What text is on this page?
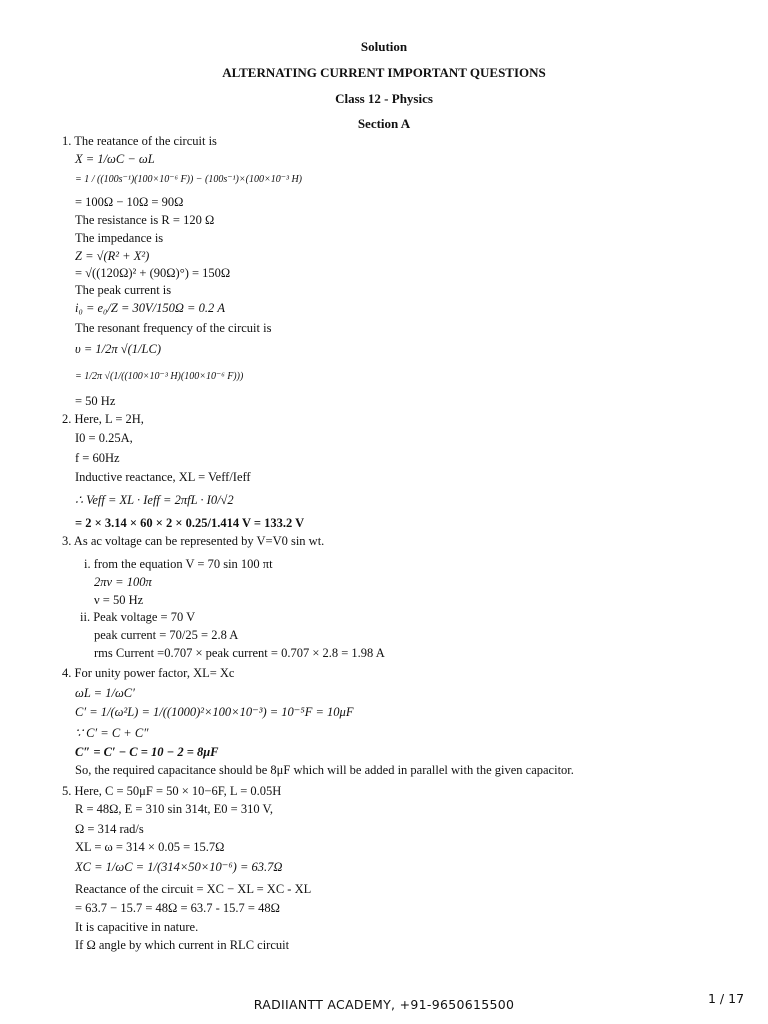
Solution
ALTERNATING CURRENT IMPORTANT QUESTIONS
Class 12 - Physics
Section A
1. The reatance of the circuit is
X = 1/ωC − ωL
= 1 / ((100s⁻¹)(100×10⁻⁶ F)) − (100s⁻¹)×(100×10⁻³ H)
= 100Ω − 10Ω = 90Ω
The resistance is R = 120 Ω
The impedance is
Z = √(R² + X²)
= √((120Ω)² + (90Ω)°) = 150Ω
The peak current is
i₀ = e₀/Z = 30V/150Ω = 0.2 A
The resonant frequency of the circuit is
υ = 1/2π √(1/LC)
= 1/2π √(1/((100×10⁻³ H)(100×10⁻⁶ F)))
= 50 Hz
2. Here, L = 2H,
I0 = 0.25A,
f = 60Hz
Inductive reactance, XL = Veff/Ieff
∴ Veff = XL · Ieff = 2πfL · I0/√2
= 2 × 3.14 × 60 × 2 × 0.25/1.414 V = 133.2 V
3. As ac voltage can be represented by V=V0 sin wt.
i. from the equation V = 70 sin 100 πt
2πν = 100π
ν = 50 Hz
ii. Peak voltage = 70 V
peak current = 70/25 = 2.8 A
rms Current =0.707 × peak current = 0.707 × 2.8 = 1.98 A
4. For unity power factor, XL= Xc
ωL = 1/ωC′
C′ = 1/(ω²L) = 1/((1000)²×100×10⁻³) = 10⁻⁵F = 10μF
∵ C′ = C + C″
C″ = C′ − C = 10 − 2 = 8μF
So, the required capacitance should be 8μF which will be added in parallel with the given capacitor.
5. Here, C = 50μF = 50 × 10−6F, L = 0.05H
R = 48Ω, E = 310 sin 314t, E0 = 310 V,
Ω = 314 rad/s
XL = ω = 314 × 0.05 = 15.7Ω
XC = 1/ωC = 1/(314×50×10⁻⁶) = 63.7Ω
Reactance of the circuit = XC − XL = XC - XL
= 63.7 − 15.7 = 48Ω = 63.7 - 15.7 = 48Ω
It is capacitive in nature.
If Ω angle by which current in RLC circuit
RADIIANTT ACADEMY, +91-9650615500	1 / 17
